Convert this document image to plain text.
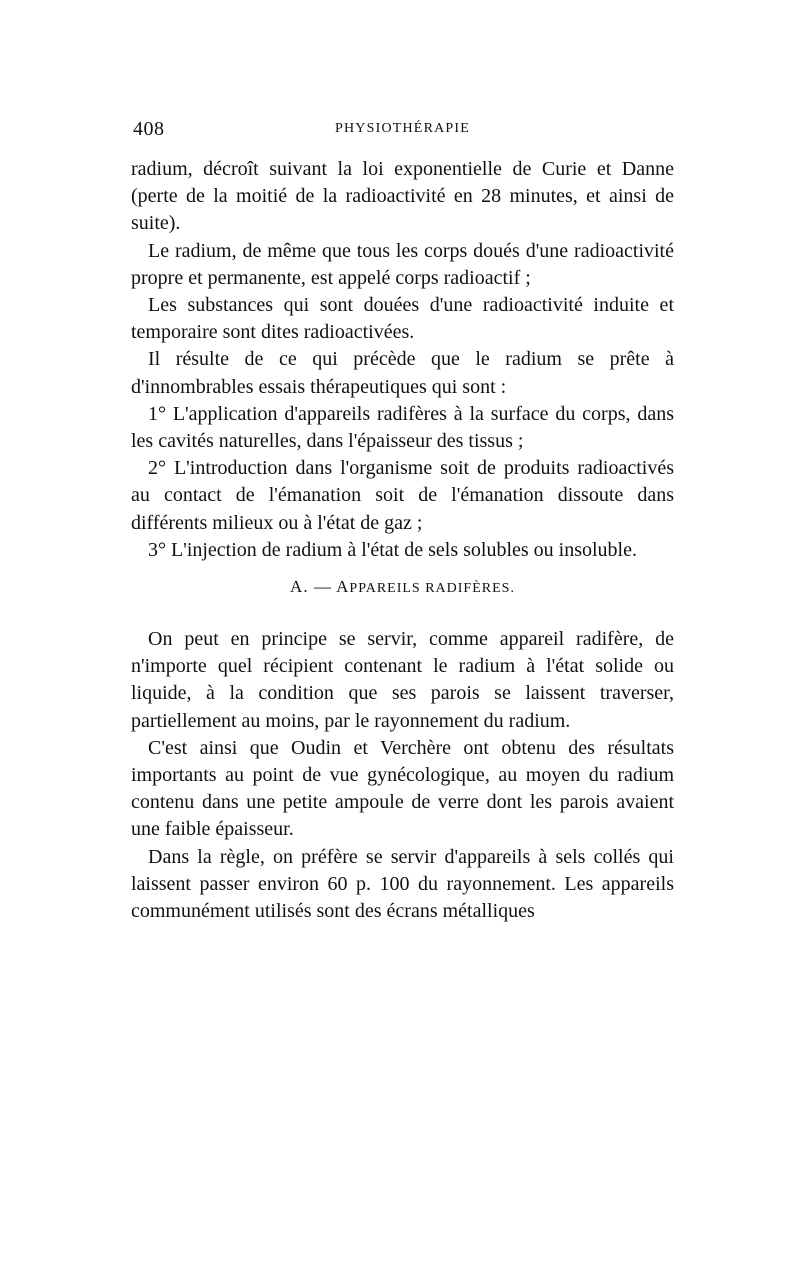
408	PHYSIOTHÉRAPIE

radium, décroît suivant la loi exponentielle de Curie et Danne (perte de la moitié de la radioactivité en 28 minutes, et ainsi de suite).

Le radium, de même que tous les corps doués d'une radioactivité propre et permanente, est appelé corps radioactif ;

Les substances qui sont douées d'une radioactivité induite et temporaire sont dites radioactivées.

Il résulte de ce qui précède que le radium se prête à d'innombrables essais thérapeutiques qui sont :

1° L'application d'appareils radifères à la surface du corps, dans les cavités naturelles, dans l'épaisseur des tissus ;

2° L'introduction dans l'organisme soit de produits radioactivés au contact de l'émanation soit de l'émanation dissoute dans différents milieux ou à l'état de gaz ;

3° L'injection de radium à l'état de sels solubles ou insoluble.

A. — APPAREILS RADIFÈRES.

On peut en principe se servir, comme appareil radifère, de n'importe quel récipient contenant le radium à l'état solide ou liquide, à la condition que ses parois se laissent traverser, partiellement au moins, par le rayonnement du radium.

C'est ainsi que Oudin et Verchère ont obtenu des résultats importants au point de vue gynécologique, au moyen du radium contenu dans une petite ampoule de verre dont les parois avaient une faible épaisseur.

Dans la règle, on préfère se servir d'appareils à sels collés qui laissent passer environ 60 p. 100 du rayonnement. Les appareils communément utilisés sont des écrans métalliques
